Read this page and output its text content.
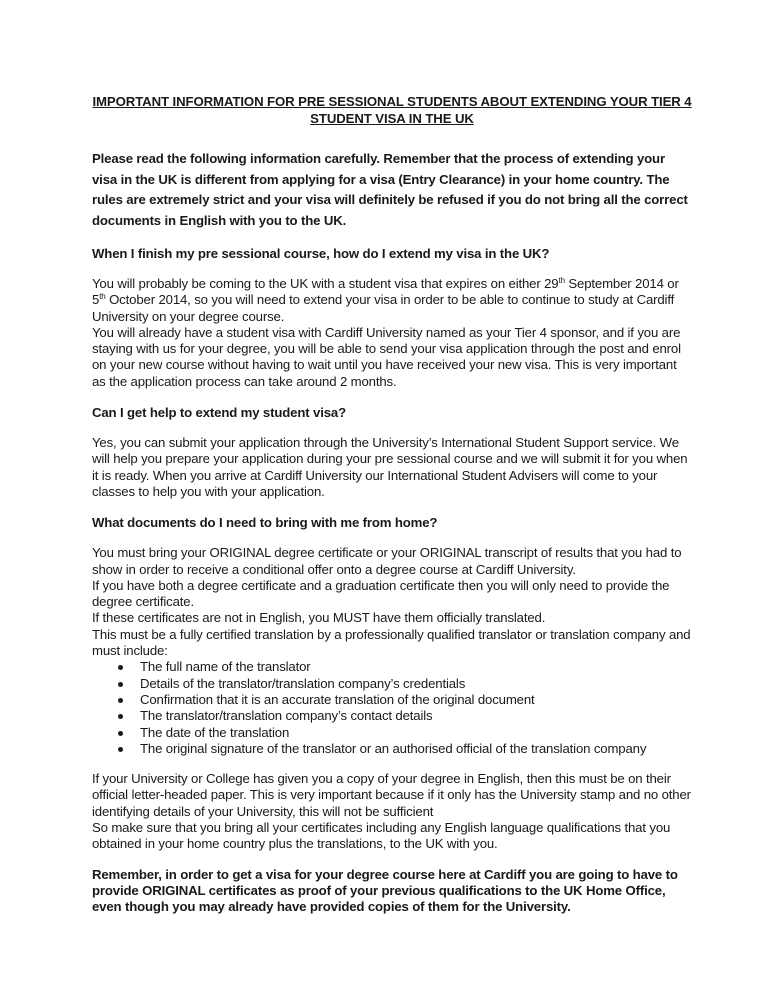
IMPORTANT INFORMATION FOR PRE SESSIONAL STUDENTS ABOUT EXTENDING YOUR TIER 4 STUDENT VISA IN THE UK

Please read the following information carefully. Remember that the process of extending your visa in the UK is different from applying for a visa (Entry Clearance) in your home country. The rules are extremely strict and your visa will definitely be refused if you do not bring all the correct documents in English with you to the UK.

When I finish my pre sessional course, how do I extend my visa in the UK?

You will probably be coming to the UK with a student visa that expires on either 29th September 2014 or 5th October 2014, so you will need to extend your visa in order to be able to continue to study at Cardiff University on your degree course.

You will already have a student visa with Cardiff University named as your Tier 4 sponsor, and if you are staying with us for your degree, you will be able to send your visa application through the post and enrol on your new course without having to wait until you have received your new visa. This is very important as the application process can take around 2 months.

Can I get help to extend my student visa?

Yes, you can submit your application through the University’s International Student Support service. We will help you prepare your application during your pre sessional course and we will submit it for you when it is ready. When you arrive at Cardiff University our International Student Advisers will come to your classes to help you with your application.

What documents do I need to bring with me from home?

You must bring your ORIGINAL degree certificate or your ORIGINAL transcript of results that you had to show in order to receive a conditional offer onto a degree course at Cardiff University.

If you have both a degree certificate and a graduation certificate then you will only need to provide the degree certificate.

If these certificates are not in English, you MUST have them officially translated.

This must be a fully certified translation by a professionally qualified translator or translation company and must include:

The full name of the translator
Details of the translator/translation company’s credentials
Confirmation that it is an accurate translation of the original document
The translator/translation company’s contact details
The date of the translation
The original signature of the translator or an authorised official of the translation company

If your University or College has given you a copy of your degree in English, then this must be on their official letter-headed paper. This is very important because if it only has the University stamp and no other identifying details of your University, this will not be sufficient

So make sure that you bring all your certificates including any English language qualifications that you obtained in your home country plus the translations, to the UK with you.

Remember, in order to get a visa for your degree course here at Cardiff you are going to have to provide ORIGINAL certificates as proof of your previous qualifications to the UK Home Office, even though you may already have provided copies of them for the University.
